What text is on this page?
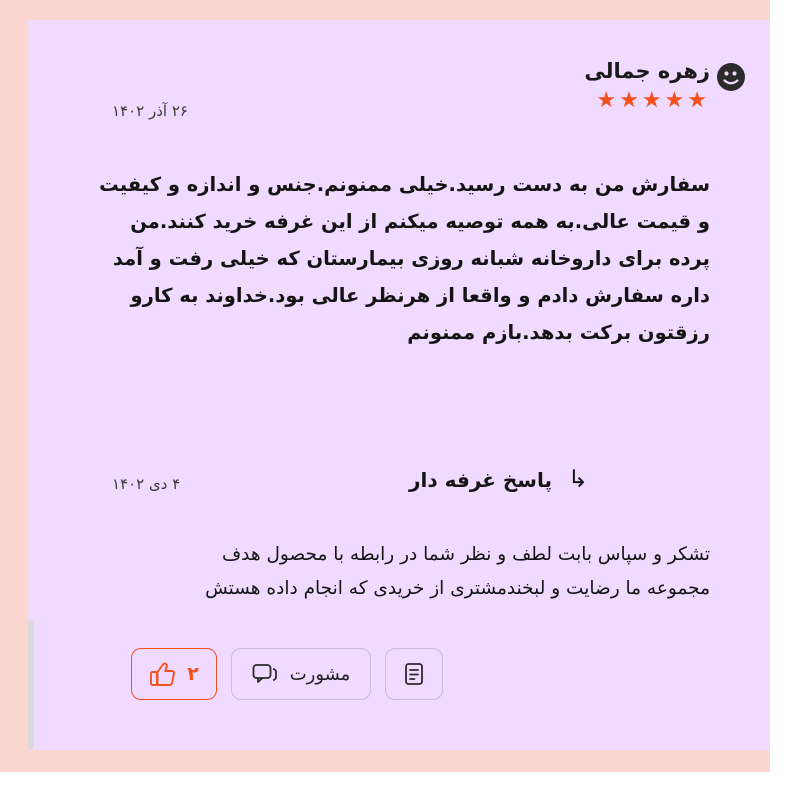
زهره جمالی
★★★★★
۲۶ آذر ۱۴۰۲
سفارش من به دست رسید.خیلی ممنونم.جنس و اندازه و کیفیت و قیمت عالی.به همه توصیه میکنم از این غرفه خرید کنند.من پرده برای داروخانه شبانه روزی بیمارستان که خیلی رفت و آمد داره سفارش دادم و واقعا از هرنظر عالی بود.خداوند به کارو رزقتون برکت بدهد.بازم ممنونم
↳
پاسخ غرفه دار
۴ دی ۱۴۰۲
تشکر و سپاس بابت لطف و نظر شما در رابطه با محصول هدف مجموعه ما رضایت و لبخندمشتری از خریدی که انجام داده هستش
مشورت
۲
